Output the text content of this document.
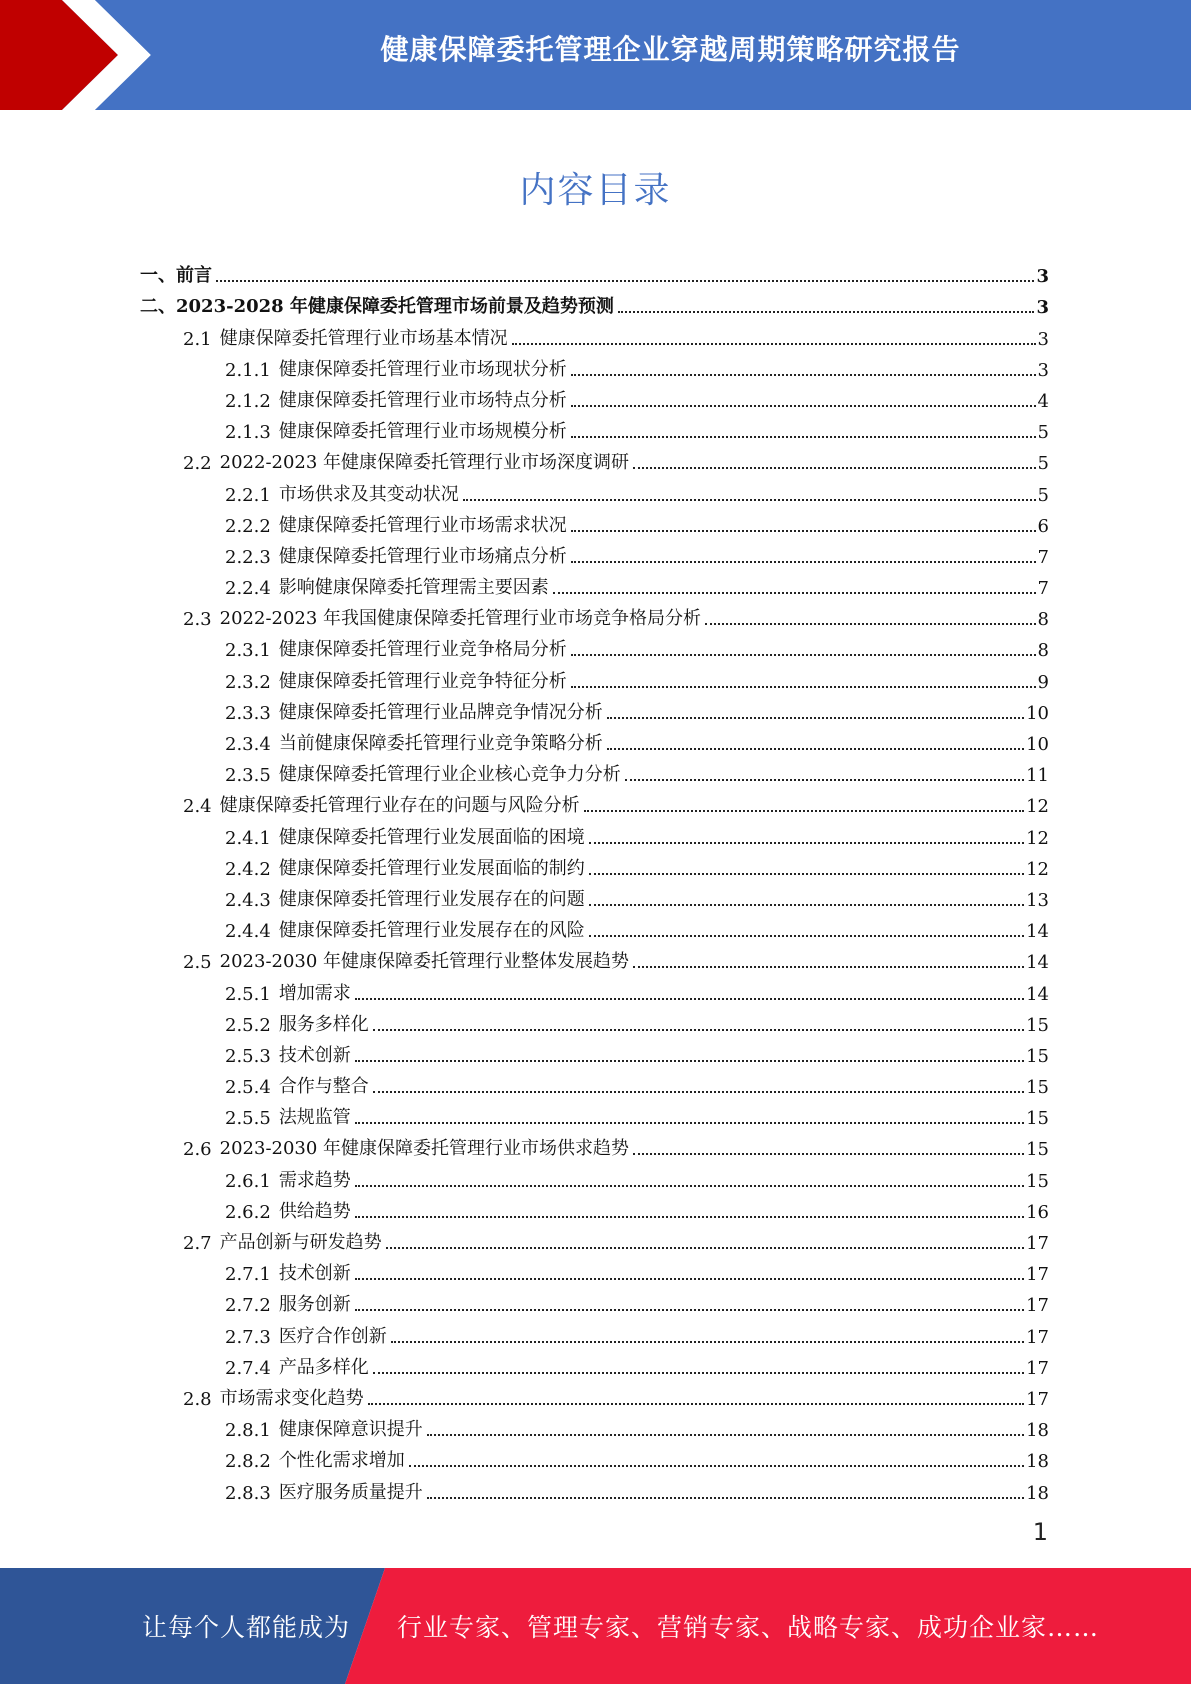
健康保障委托管理企业穿越周期策略研究报告
内容目录
一、 前言	3
二、 2023-2028 年健康保障委托管理市场前景及趋势预测	3
2.1 健康保障委托管理行业市场基本情况	3
2.1.1 健康保障委托管理行业市场现状分析	3
2.1.2 健康保障委托管理行业市场特点分析	4
2.1.3 健康保障委托管理行业市场规模分析	5
2.2 2022-2023 年健康保障委托管理行业市场深度调研	5
2.2.1 市场供求及其变动状况	5
2.2.2 健康保障委托管理行业市场需求状况	6
2.2.3 健康保障委托管理行业市场痛点分析	7
2.2.4 影响健康保障委托管理需主要因素	7
2.3 2022-2023 年我国健康保障委托管理行业市场竞争格局分析	8
2.3.1 健康保障委托管理行业竞争格局分析	8
2.3.2 健康保障委托管理行业竞争特征分析	9
2.3.3 健康保障委托管理行业品牌竞争情况分析	10
2.3.4 当前健康保障委托管理行业竞争策略分析	10
2.3.5 健康保障委托管理行业企业核心竞争力分析	11
2.4 健康保障委托管理行业存在的问题与风险分析	12
2.4.1 健康保障委托管理行业发展面临的困境	12
2.4.2 健康保障委托管理行业发展面临的制约	12
2.4.3 健康保障委托管理行业发展存在的问题	13
2.4.4 健康保障委托管理行业发展存在的风险	14
2.5 2023-2030 年健康保障委托管理行业整体发展趋势	14
2.5.1 增加需求	14
2.5.2 服务多样化	15
2.5.3 技术创新	15
2.5.4 合作与整合	15
2.5.5 法规监管	15
2.6 2023-2030 年健康保障委托管理行业市场供求趋势	15
2.6.1 需求趋势	15
2.6.2 供给趋势	16
2.7 产品创新与研发趋势	17
2.7.1 技术创新	17
2.7.2 服务创新	17
2.7.3 医疗合作创新	17
2.7.4 产品多样化	17
2.8 市场需求变化趋势	17
2.8.1 健康保障意识提升	18
2.8.2 个性化需求增加	18
2.8.3 医疗服务质量提升	18
1
让每个人都能成为 行业专家、管理专家、营销专家、战略专家、成功企业家……
